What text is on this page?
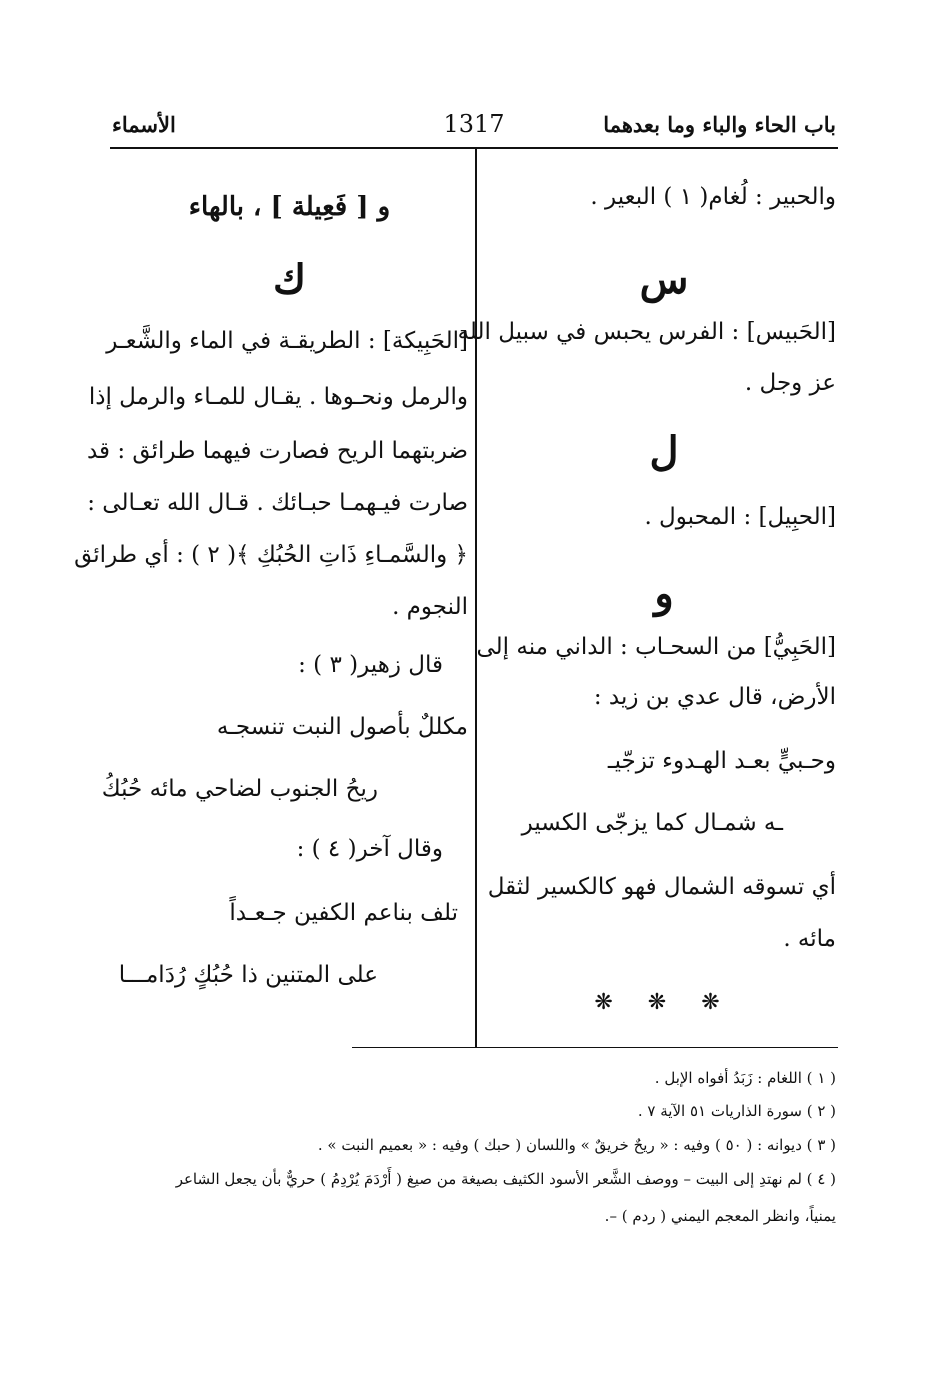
باب الحاء والباء وما بعدهما
1317
الأسماء
والحبير : لُغام( ١ ) البعير .
س
[الحَبيس] : الفرس يحبس في سبيل الله
عز وجل .
ل
[الحبِيل] : المحبول .
و
[الحَبِيُّ] من السحـاب : الداني منه إلى
الأرض، قال عدي بن زيد :
وحـبيٍّ بعـد الهـدوء تزجّيـ
ـه شمـال كما يزجّى الكسير
أي تسوقه الشمال فهو كالكسير لثقل
مائه .
❋ ❋ ❋
و [ فَعِيلة ] ، بالهاء
ك
[الحَبِيكة] : الطريقـة في الماء والشَّعـر
والرمل ونحـوها . يقـال للمـاء والرمل إذا
ضربتهما الريح فصارت فيهما طرائق : قد
صارت فيـهمـا حبـائك . قـال الله تعـالى :
﴿ والسَّمـاءِ ذَاتِ الحُبُكِ ﴾( ٢ ) : أي طرائق
النجوم .
قال زهير( ٣ ) :
مكللٌ بأصول النبت تنسجـه
ريحُ الجنوب لضاحي مائه حُبُكُ
وقال آخر( ٤ ) :
تلف بناعم الكفين جـعـداً
على المتنين ذا حُبُكٍ رُدَامـــا
( ١ ) اللغام : زَبَدُ أفواه الإبل .
( ٢ ) سورة الذاريات ٥١ الآية ٧ .
( ٣ ) ديوانه : ( ٥٠ ) وفيه : « ريحٌ خريقٌ » واللسان ( حبك ) وفيه : « بعميم النبت » .
( ٤ ) لم نهتدِ إلى البيت – ووصف الشَّعر الأسود الكثيف بصيغة من صيغ ( أَرْدَمَ يُرْدِمُ ) حريٌّ بأن يجعل الشاعر
يمنياً، وانظر المعجم اليمني ( ردم ) –.
